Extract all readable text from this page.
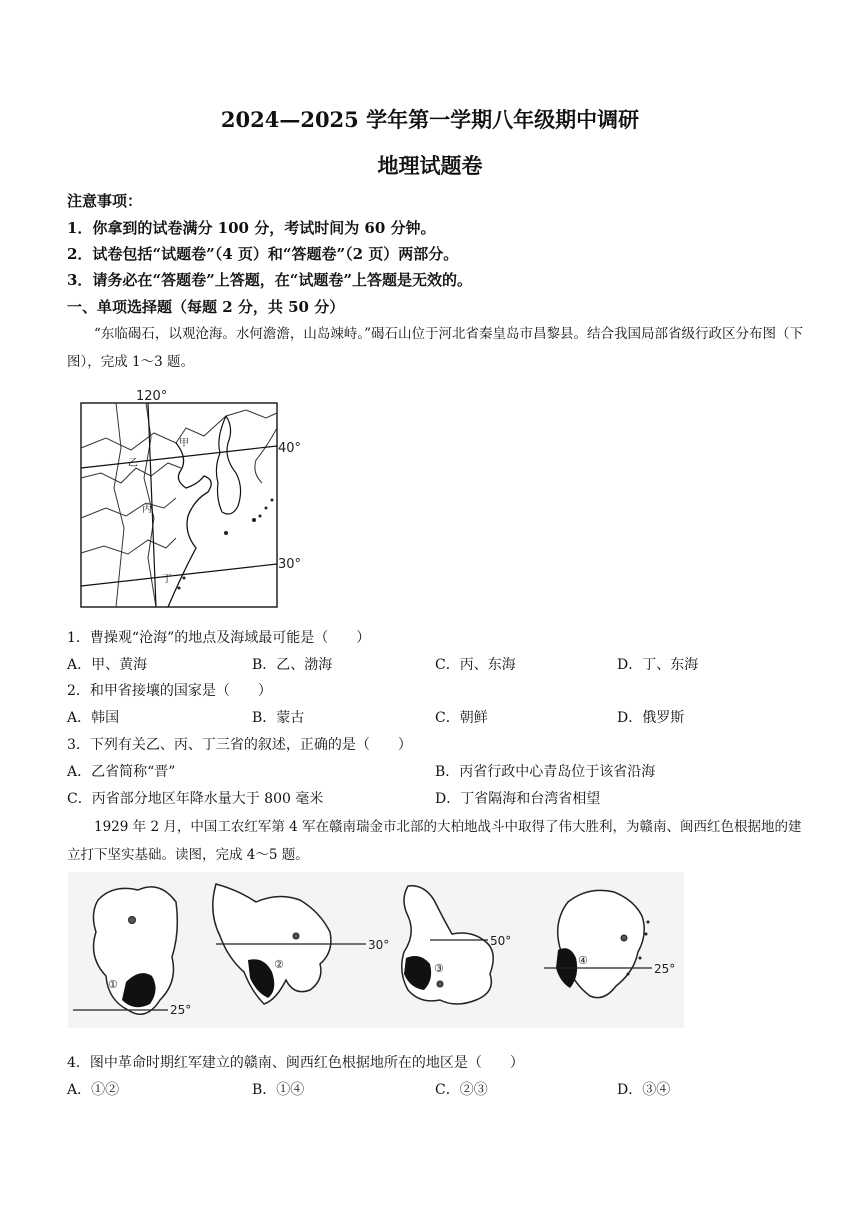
2024—2025 学年第一学期八年级期中调研
地理试题卷
注意事项：
1．你拿到的试卷满分 100 分，考试时间为 60 分钟。
2．试卷包括“试题卷”（4 页）和“答题卷”（2 页）两部分。
3．请务必在“答题卷”上答题，在“试题卷”上答题是无效的。
一、单项选择题（每题 2 分，共 50 分）
“东临碣石，以观沧海。水何澹澹，山岛竦峙。”碣石山位于河北省秦皇岛市昌黎县。结合我国局部省级行政区分布图（下图），完成 1～3 题。
120°
40°
30°
甲
乙
丙
丁
1．曹操观“沧海”的地点及海域最可能是（　　）
A．甲、黄海	B．乙、渤海	C．丙、东海	D．丁、东海
2．和甲省接壤的国家是（　　）
A．韩国	B．蒙古	C．朝鲜	D．俄罗斯
3．下列有关乙、丙、丁三省的叙述，正确的是（　　）
A．乙省简称“晋”	B．丙省行政中心青岛位于该省沿海
C．丙省部分地区年降水量大于 800 毫米	D．丁省隔海和台湾省相望
1929 年 2 月，中国工农红军第 4 军在赣南瑞金市北部的大柏地战斗中取得了伟大胜利，为赣南、闽西红色根据地的建立打下坚实基础。读图，完成 4～5 题。
①
25°
②
30°
③
50°
④
25°
4．图中革命时期红军建立的赣南、闽西红色根据地所在的地区是（　　）
A．①②	B．①④	C．②③	D．③④
